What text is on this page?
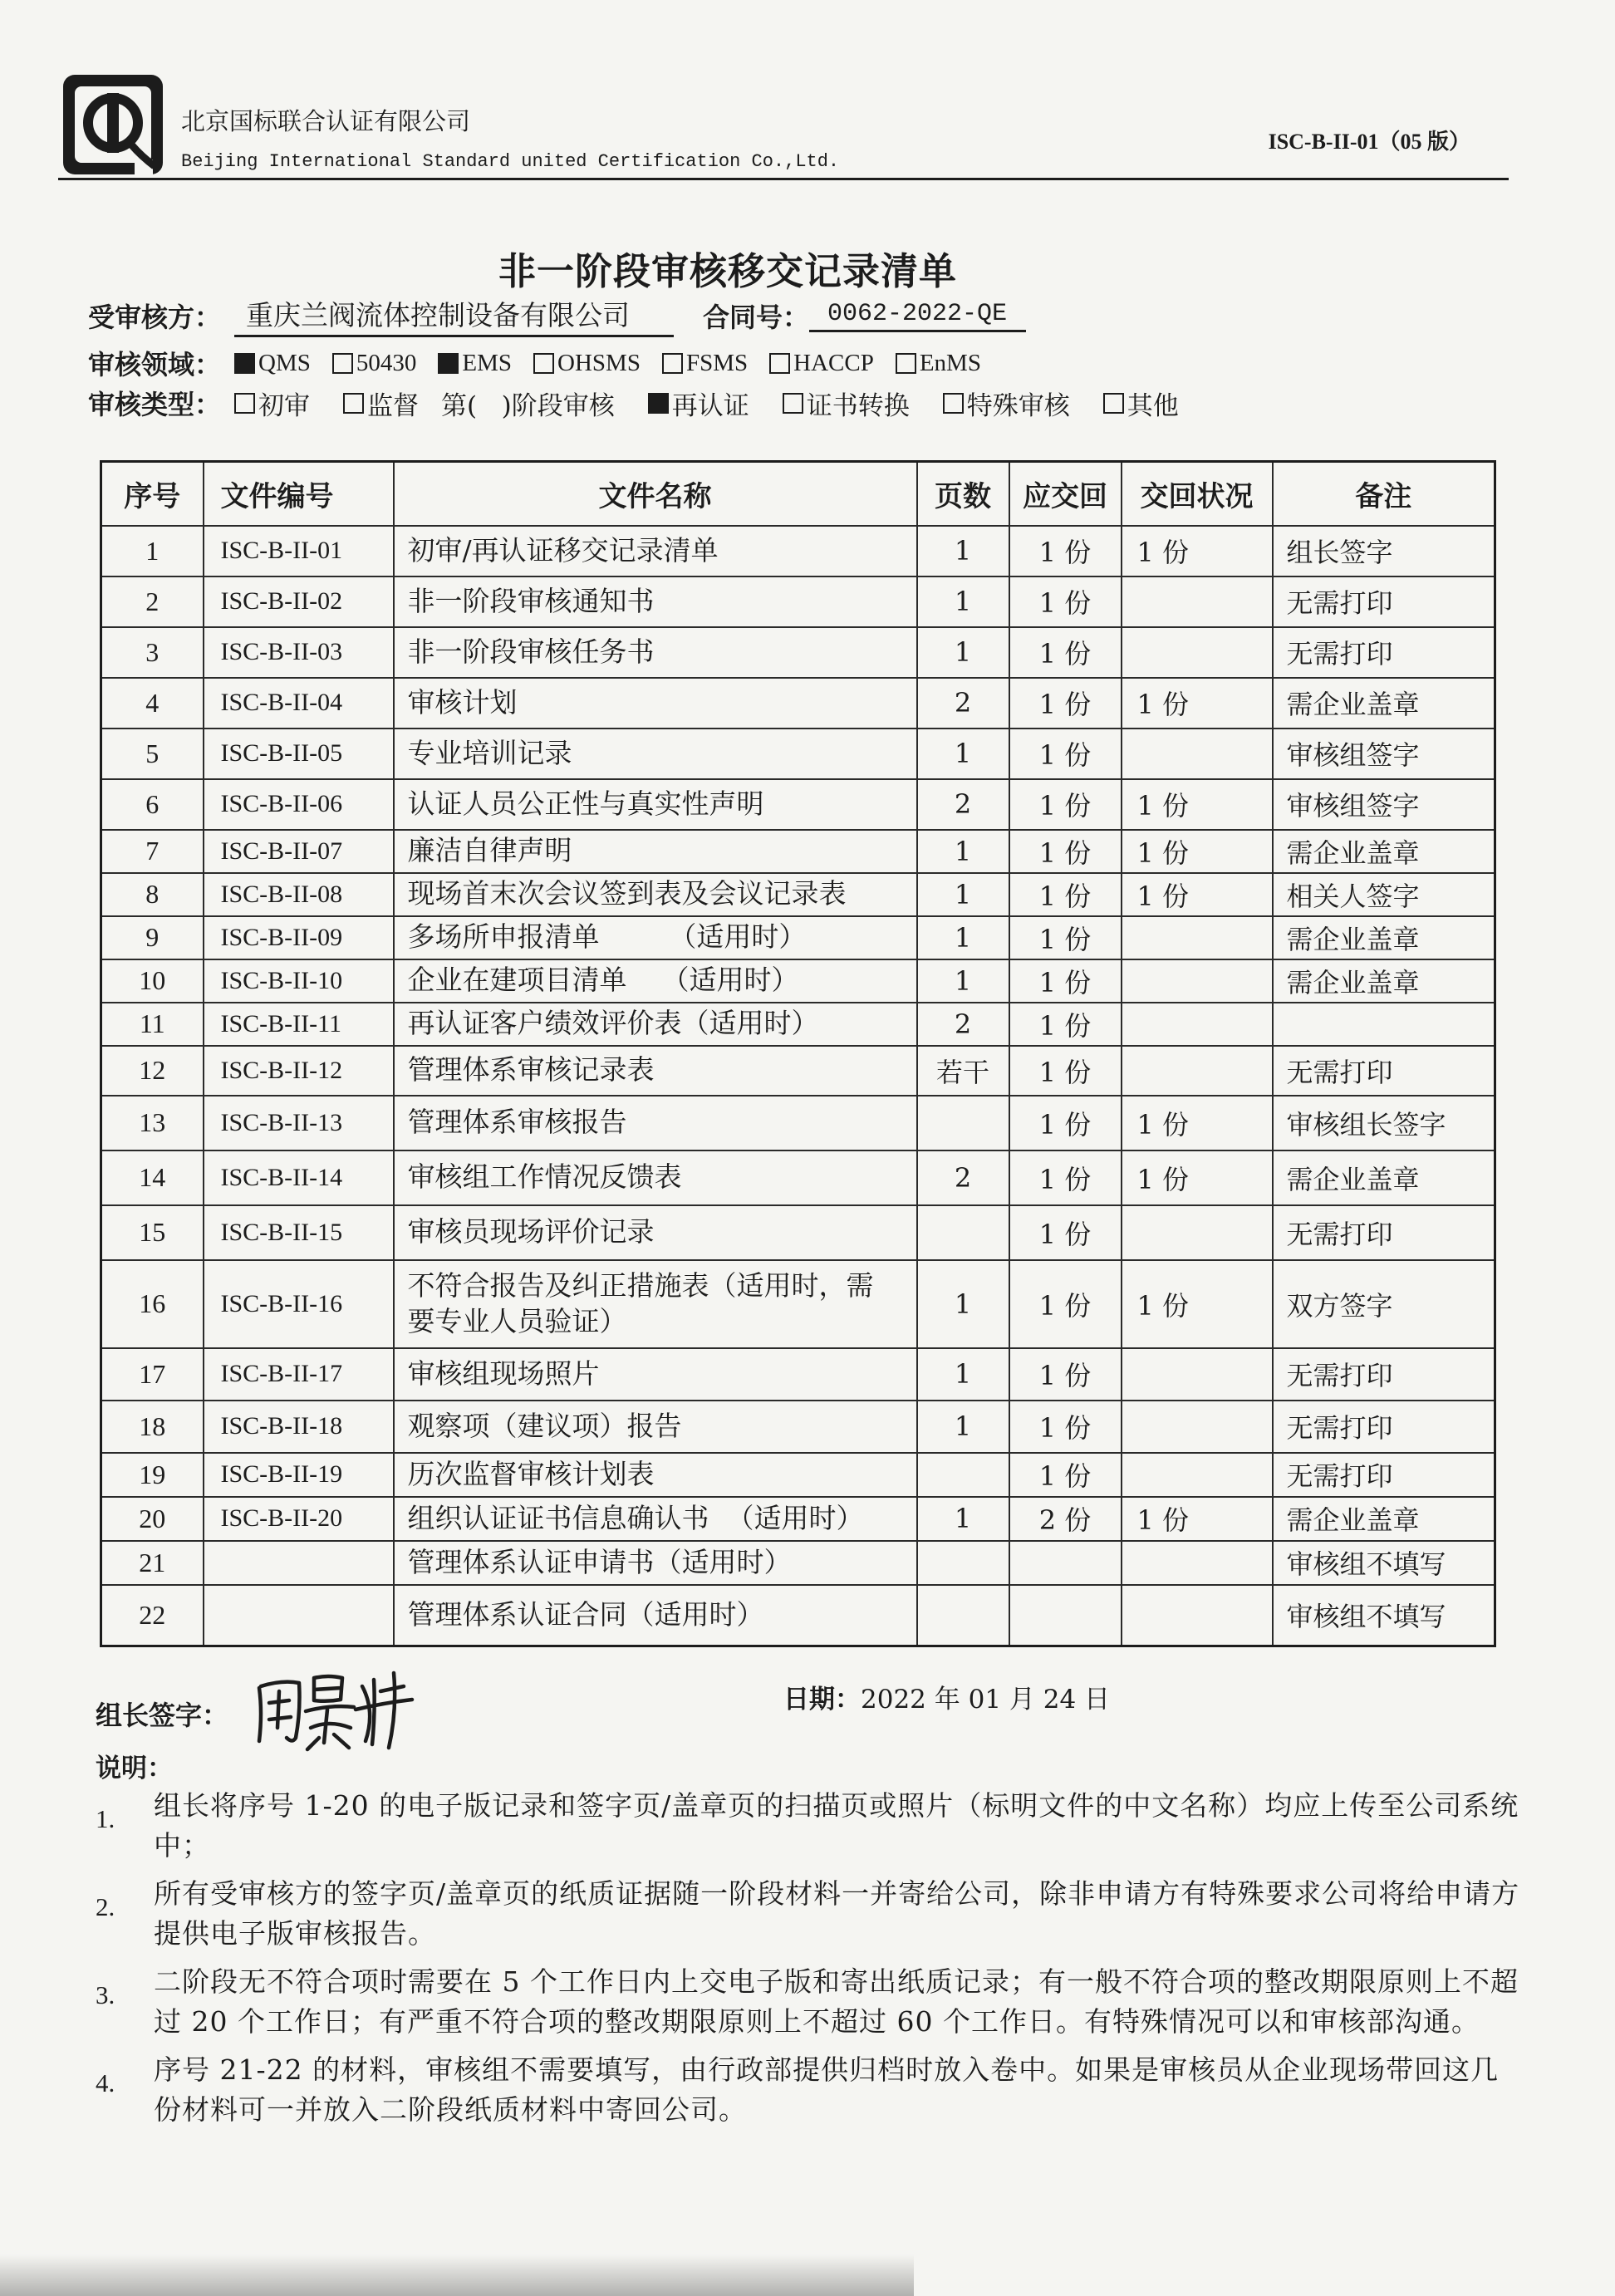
北京国标联合认证有限公司
Beijing International Standard united Certification Co.,Ltd.
ISC-B-II-01（05 版）
非一阶段审核移交记录清单
受审核方： 重庆兰阀流体控制设备有限公司	合同号： 0062-2022-QE
审核领域： QMS 50430 EMS OHSMS FSMS HACCP EnMS
审核类型： 初审 监督 第(   )阶段审核 再认证 证书转换 特殊审核 其他
序号	文件编号	文件名称	页数	应交回	交回状况	备注
1	ISC-B-II-01	初审/再认证移交记录清单	1	1 份	1 份	组长签字
2	ISC-B-II-02	非一阶段审核通知书	1	1 份		无需打印
3	ISC-B-II-03	非一阶段审核任务书	1	1 份		无需打印
4	ISC-B-II-04	审核计划	2	1 份	1 份	需企业盖章
5	ISC-B-II-05	专业培训记录	1	1 份		审核组签字
6	ISC-B-II-06	认证人员公正性与真实性声明	2	1 份	1 份	审核组签字
7	ISC-B-II-07	廉洁自律声明	1	1 份	1 份	需企业盖章
8	ISC-B-II-08	现场首末次会议签到表及会议记录表	1	1 份	1 份	相关人签字
9	ISC-B-II-09	多场所申报清单        （适用时）	1	1 份		需企业盖章
10	ISC-B-II-10	企业在建项目清单    （适用时）	1	1 份		需企业盖章
11	ISC-B-II-11	再认证客户绩效评价表（适用时）	2	1 份		
12	ISC-B-II-12	管理体系审核记录表	若干	1 份		无需打印
13	ISC-B-II-13	管理体系审核报告		1 份	1 份	审核组长签字
14	ISC-B-II-14	审核组工作情况反馈表	2	1 份	1 份	需企业盖章
15	ISC-B-II-15	审核员现场评价记录		1 份		无需打印
16	ISC-B-II-16	不符合报告及纠正措施表（适用时，需要专业人员验证）	1	1 份	1 份	双方签字
17	ISC-B-II-17	审核组现场照片	1	1 份		无需打印
18	ISC-B-II-18	观察项（建议项）报告	1	1 份		无需打印
19	ISC-B-II-19	历次监督审核计划表		1 份		无需打印
20	ISC-B-II-20	组织认证证书信息确认书  （适用时）	1	2 份	1 份	需企业盖章
21		管理体系认证申请书（适用时）				审核组不填写
22		管理体系认证合同（适用时）				审核组不填写
组长签字：	日期：2022 年 01 月 24 日
说明：
1.	组长将序号 1-20 的电子版记录和签字页/盖章页的扫描页或照片（标明文件的中文名称）均应上传至公司系统中；
2.	所有受审核方的签字页/盖章页的纸质证据随一阶段材料一并寄给公司，除非申请方有特殊要求公司将给申请方提供电子版审核报告。
3.	二阶段无不符合项时需要在 5 个工作日内上交电子版和寄出纸质记录；有一般不符合项的整改期限原则上不超过 20 个工作日；有严重不符合项的整改期限原则上不超过 60 个工作日。有特殊情况可以和审核部沟通。
4.	序号 21-22 的材料，审核组不需要填写，由行政部提供归档时放入卷中。如果是审核员从企业现场带回这几份材料可一并放入二阶段纸质材料中寄回公司。
